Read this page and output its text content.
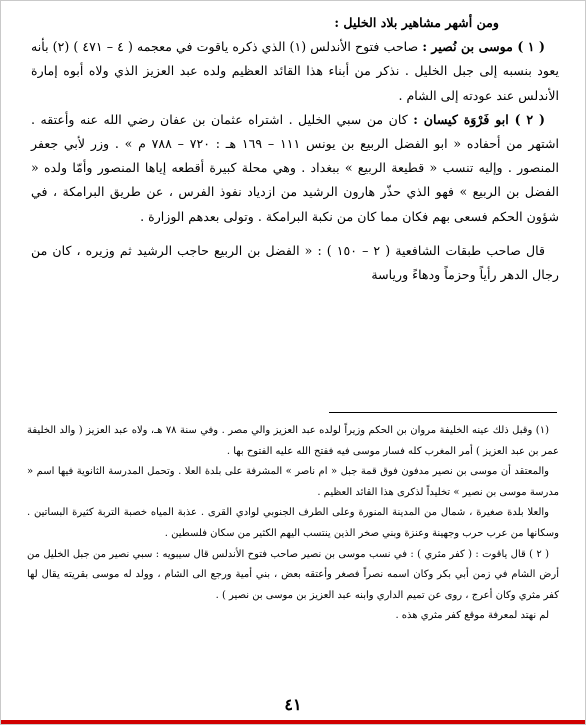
ومن أشهر مشاهير بلاد الخليل :

( ١ ) موسى بن نُصير : صاحب فتوح الأندلس (١) الذي ذكره ياقوت في معجمه ( ٤ – ٤٧١ ) (٢) بأنه يعود بنسبه إلى جبل الخليل . نذكر من أبناء هذا القائد العظيم ولده عبد العزيز الذي ولاه أبوه إمارة الأندلس عند عودته إلى الشام .

( ٢ ) ابو فَرْوَة كيسان : كان من سبي الخليل . اشتراه عثمان بن عفان رضي الله عنه وأعتقه . اشتهر من أحفاده « ابو الفضل الربيع بن يونس ١١١ – ١٦٩ هـ : ٧٢٠ – ٧٨٨ م » . وزر لأبي جعفر المنصور . وإليه تنسب « قطيعة الربيع » ببغداد . وهي محلة كبيرة أقطعه إياها المنصور وأمّا ولده « الفضل بن الربيع » فهو الذي حذّر هارون الرشيد من ازدياد نفوذ الفرس ، عن طريق البرامكة ، في شؤون الحكم فسعى بهم فكان مما كان من نكبة البرامكة . وتولى بعدهم الوزارة .

قال صاحب طبقات الشافعية ( ٢ – ١٥٠ ) : « الفضل بن الربيع حاجب الرشيد ثم وزيره ، كان من رجال الدهر رأياً وحزماً ودهاءً ورياسة

(١) وقبل ذلك عينه الخليفة مروان بن الحكم وزيراً لولده عبد العزيز والي مصر . وفي سنة ٧٨ هـ، ولاه عبد العزيز ( والد الخليفة عمر بن عبد العزيز ) أمر المغرب كله فسار موسى فيه ففتح الله عليه الفتوح بها .

والمعتقد أن موسى بن نصير مدفون فوق قمة جبل « ام ناصر » المشرفة على بلدة العلا . وتحمل المدرسة الثانوية فيها اسم « مدرسة موسى بن نصير » تخليداً لذكرى هذا القائد العظيم .

والعلا بلدة صغيرة ، شمال من المدينة المنورة وعلى الطرف الجنوبي لوادي القرى . عذبة المياه خصبة التربة كثيرة البساتين . وسكانها من عرب حرب وجهينة وعنزة وبني صخر الذين ينتسب اليهم الكثير من سكان فلسطين .

( ٢ ) قال ياقوت : ( كفر مثري ) : في نسب موسى بن نصير صاحب فتوح الأندلس قال سيبويه : سبي نصير من جبل الخليل من أرض الشام في زمن أبي بكر وكان اسمه نصراً فصغر وأعتقه بعض ، بني أمية ورجع الى الشام ، وولد له موسى بقريته يقال لها كفر مثري وكان أعرج ، روى عن تميم الداري وابنه عبد العزيز بن موسى بن نصير ) .

لم نهتد لمعرفة موقع كفر مثري هذه .

٤١
